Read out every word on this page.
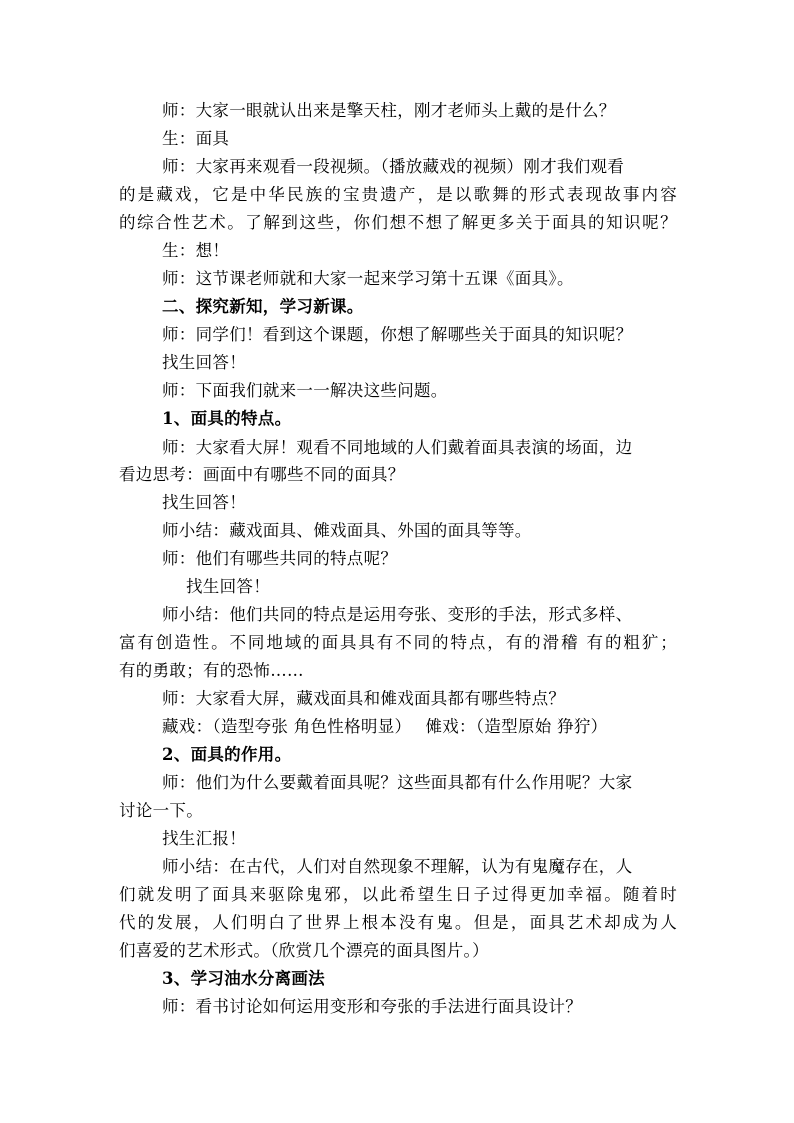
师：大家一眼就认出来是擎天柱，刚才老师头上戴的是什么？
生：面具
师：大家再来观看一段视频。（播放藏戏的视频）刚才我们观看
的是藏戏，它是中华民族的宝贵遗产，是以歌舞的形式表现故事内容
的综合性艺术。了解到这些，你们想不想了解更多关于面具的知识呢？
生：想！
师：这节课老师就和大家一起来学习第十五课《面具》。
二、探究新知，学习新课。
师：同学们！看到这个课题，你想了解哪些关于面具的知识呢？
找生回答！
师：下面我们就来一一解决这些问题。
1、面具的特点。
师：大家看大屏！观看不同地域的人们戴着面具表演的场面，边
看边思考：画面中有哪些不同的面具？
找生回答！
师小结：藏戏面具、傩戏面具、外国的面具等等。
师：他们有哪些共同的特点呢？
找生回答！
师小结：他们共同的特点是运用夸张、变形的手法，形式多样、
富有创造性。不同地域的面具具有不同的特点，有的滑稽 有的粗犷；
有的勇敢；有的恐怖……
师：大家看大屏，藏戏面具和傩戏面具都有哪些特点？
藏戏：（造型夸张 角色性格明显）　 傩戏：（造型原始 狰狞）
2、面具的作用。
师：他们为什么要戴着面具呢？这些面具都有什么作用呢？大家
讨论一下。
找生汇报！
师小结：在古代，人们对自然现象不理解，认为有鬼魔存在，人
们就发明了面具来驱除鬼邪，以此希望生日子过得更加幸福。随着时
代的发展，人们明白了世界上根本没有鬼。但是，面具艺术却成为人
们喜爱的艺术形式。（欣赏几个漂亮的面具图片。）
3、学习油水分离画法
师：看书讨论如何运用变形和夸张的手法进行面具设计？
